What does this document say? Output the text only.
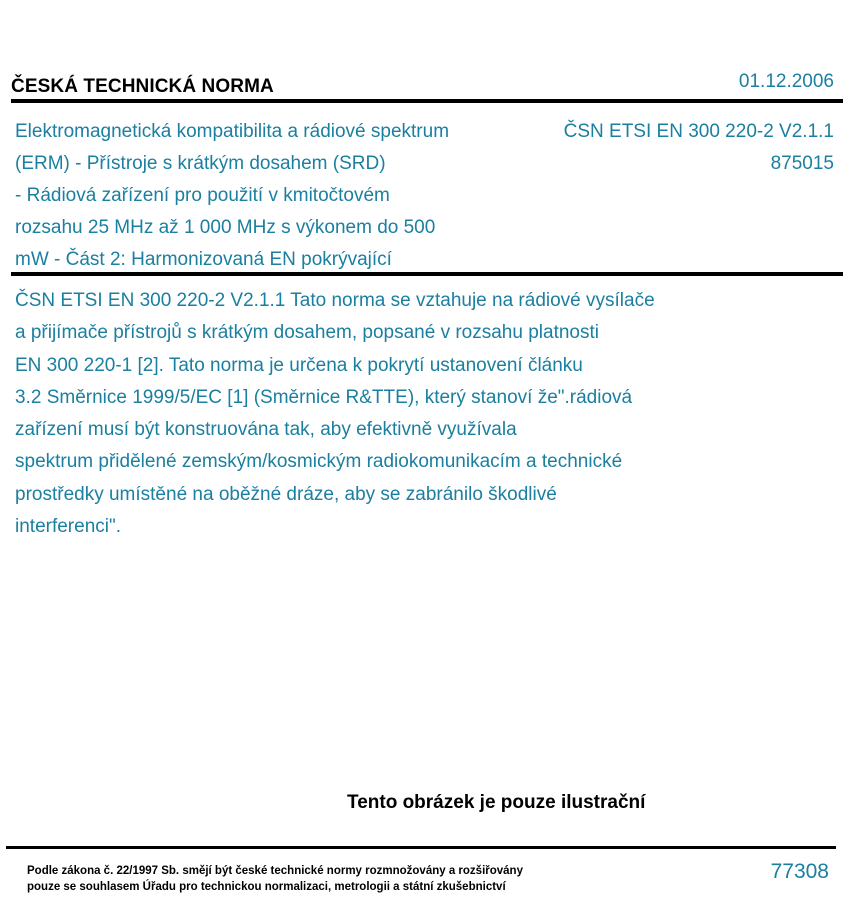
ČESKÁ TECHNICKÁ NORMA	01.12.2006
Elektromagnetická kompatibilita a rádiové spektrum
(ERM) - Přístroje s krátkým dosahem (SRD)
- Rádiová zařízení pro použití v kmitočtovém
rozsahu 25 MHz až 1 000 MHz s výkonem do 500
mW - Část 2: Harmonizovaná EN pokrývající
ČSN ETSI EN 300 220-2 V2.1.1
875015
ČSN ETSI EN 300 220-2 V2.1.1 Tato norma se vztahuje na rádiové vysílače
a přijímače přístrojů s krátkým dosahem, popsané v rozsahu platnosti
EN 300 220-1 [2]. Tato norma je určena k pokrytí ustanovení článku
3.2 Směrnice 1999/5/EC [1] (Směrnice R&TTE), který stanoví že".rádiová
zařízení musí být konstruována tak, aby efektivně využívala
spektrum přidělené zemským/kosmickým radiokomunikacím a technické
prostředky umístěné na oběžné dráze, aby se zabránilo škodlivé
interferenci".
Tento obrázek je pouze ilustrační
Podle zákona č. 22/1997 Sb. smějí být české technické normy rozmnožovány a rozšiřovány
pouze se souhlasem Úřadu pro technickou normalizaci, metrologii a státní zkušebnictví
77308
